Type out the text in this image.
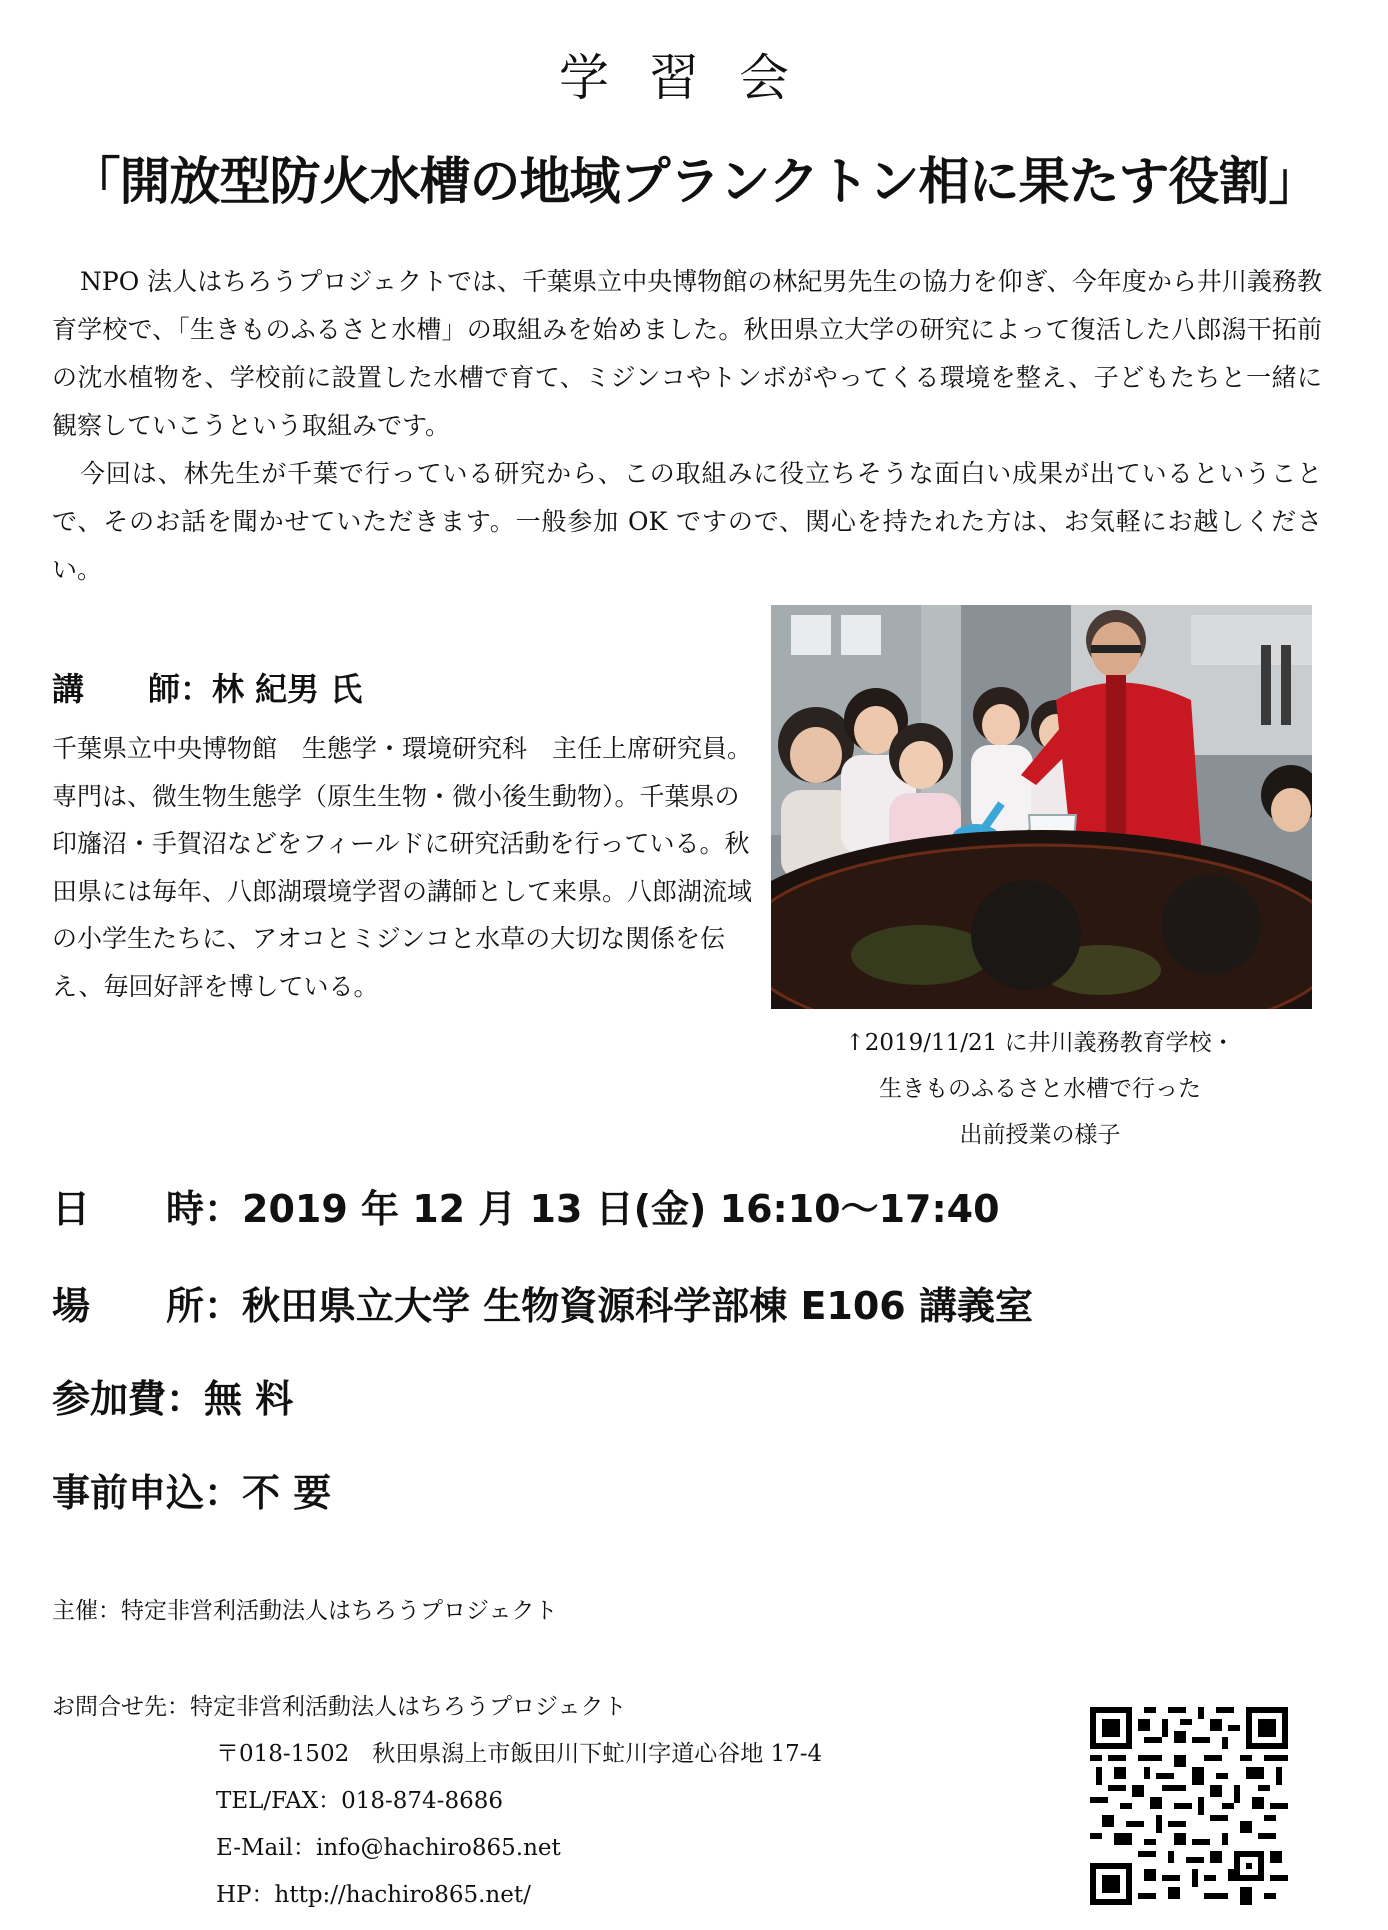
学習会
「開放型防火水槽の地域プランクトン相に果たす役割」

NPO 法人はちろうプロジェクトでは、千葉県立中央博物館の林紀男先生の協力を仰ぎ、今年度から井川義務教育学校で、「生きものふるさと水槽」の取組みを始めました。秋田県立大学の研究によって復活した八郎潟干拓前の沈水植物を、学校前に設置した水槽で育て、ミジンコやトンボがやってくる環境を整え、子どもたちと一緒に観察していこうという取組みです。

今回は、林先生が千葉で行っている研究から、この取組みに役立ちそうな面白い成果が出ているということで、そのお話を聞かせていただきます。一般参加 OK ですので、関心を持たれた方は、お気軽にお越しください。

講　　師：林 紀男 氏

千葉県立中央博物館　生態学・環境研究科　主任上席研究員。専門は、微生物生態学（原生生物・微小後生動物）。千葉県の印旛沼・手賀沼などをフィールドに研究活動を行っている。秋田県には毎年、八郎湖環境学習の講師として来県。八郎湖流域の小学生たちに、アオコとミジンコと水草の大切な関係を伝え、毎回好評を博している。

↑2019/11/21 に井川義務教育学校・
生きものふるさと水槽で行った
出前授業の様子
日　　時：2019 年 12 月 13 日(金) 16:10〜17:40
場　　所：秋田県立大学 生物資源科学部棟 E106 講義室
参加費：無 料
事前申込：不 要
主催：特定非営利活動法人はちろうプロジェクト
お問合せ先：特定非営利活動法人はちろうプロジェクト
〒018-1502　秋田県潟上市飯田川下虻川字道心谷地 17-4
TEL/FAX：018-874-8686
E-Mail：info@hachiro865.net
HP：http://hachiro865.net/
